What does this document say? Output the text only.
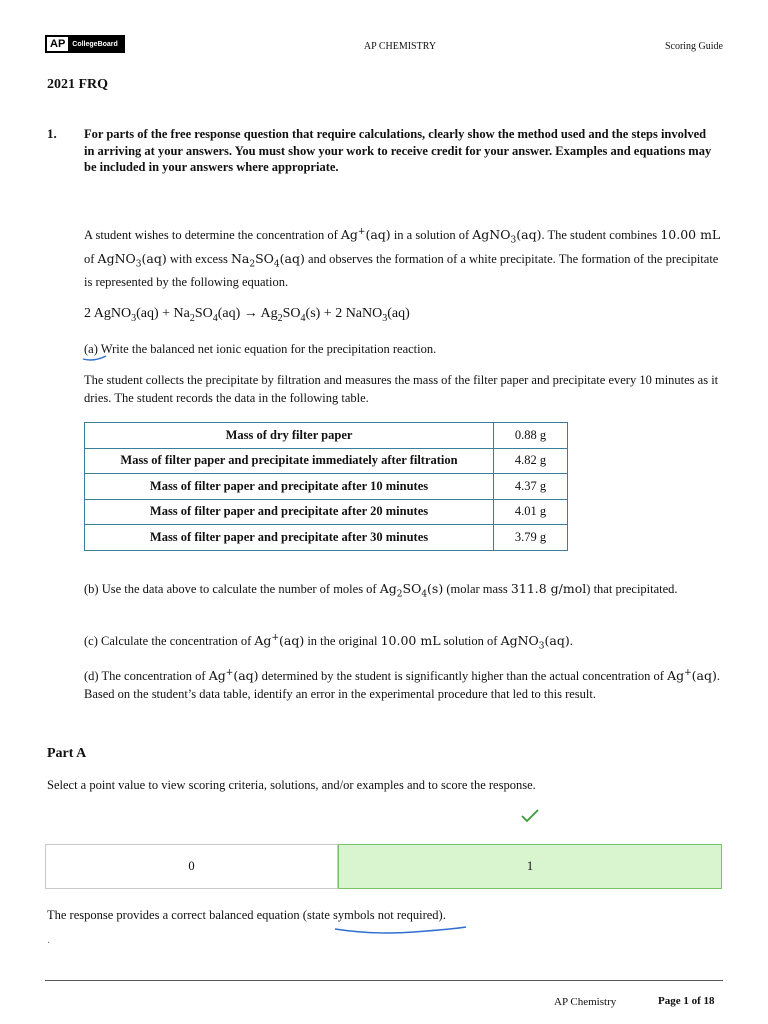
AP	CollegeBoard	AP CHEMISTRY	Scoring Guide
2021 FRQ
1. For parts of the free response question that require calculations, clearly show the method used and the steps involved in arriving at your answers. You must show your work to receive credit for your answer. Examples and equations may be included in your answers where appropriate.
A student wishes to determine the concentration of Ag+(aq) in a solution of AgNO$_3$(aq). The student combines 10.00 mL of AgNO$_3$(aq) with excess $Na_2SO_4(aq)$ and observes the formation of a white precipitate. The formation of the precipitate is represented by the following equation.
2 AgNO$_3$(aq) + $Na_2SO_4(aq) \to Ag_2SO_4(s) + 2$ NaNO$_3$(aq)
(a) Write the balanced net ionic equation for the precipitation reaction.
The student collects the precipitate by filtration and measures the mass of the filter paper and precipitate every 10 minutes as it dries. The student records the data in the following table.
Mass of dry filter paper	0.88 g
Mass of filter paper and precipitate immediately after filtration	4.82 g
Mass of filter paper and precipitate after 10 minutes	4.37 g
Mass of filter paper and precipitate after 20 minutes	4.01 g
Mass of filter paper and precipitate after 30 minutes	3.79 g
(b) Use the data above to calculate the number of moles of $Ag_2SO_4(s)$ (molar mass 311.8 g/mol) that precipitated.
(c) Calculate the concentration of Ag+(aq) in the original 10.00 mL solution of AgNO$_3$(aq).
(d) The concentration of Ag+(aq) determined by the student is significantly higher than the actual concentration of Ag+(aq). Based on the student’s data table, identify an error in the experimental procedure that led to this result.
Part A
Select a point value to view scoring criteria, solutions, and/or examples and to score the response.
0	1
The response provides a correct balanced equation (state symbols not required).
·
AP Chemistry	Page 1 of 18
